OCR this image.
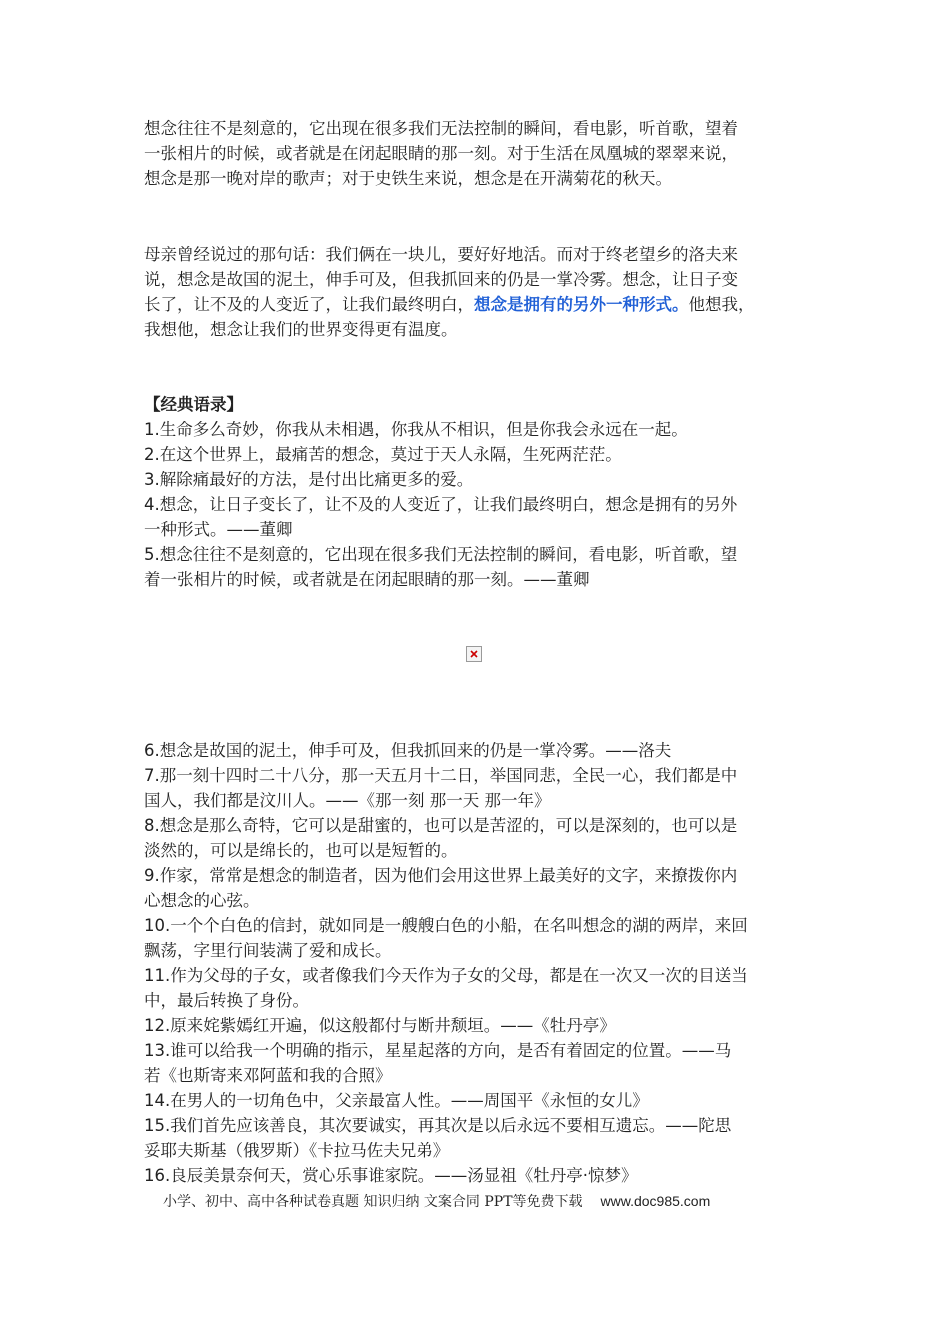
想念往往不是刻意的，它出现在很多我们无法控制的瞬间，看电影，听首歌，望着
一张相片的时候，或者就是在闭起眼睛的那一刻。对于生活在凤凰城的翠翠来说，
想念是那一晚对岸的歌声；对于史铁生来说，想念是在开满菊花的秋天。
母亲曾经说过的那句话：我们俩在一块儿，要好好地活。而对于终老望乡的洛夫来
说，想念是故国的泥土，伸手可及，但我抓回来的仍是一掌冷雾。想念，让日子变
长了，让不及的人变近了，让我们最终明白，想念是拥有的另外一种形式。他想我，
我想他，想念让我们的世界变得更有温度。
【经典语录】
1.生命多么奇妙，你我从未相遇，你我从不相识，但是你我会永远在一起。
2.在这个世界上，最痛苦的想念，莫过于天人永隔，生死两茫茫。
3.解除痛最好的方法，是付出比痛更多的爱。
4.想念，让日子变长了，让不及的人变近了，让我们最终明白，想念是拥有的另外
一种形式。——董卿
5.想念往往不是刻意的，它出现在很多我们无法控制的瞬间，看电影，听首歌，望
着一张相片的时候，或者就是在闭起眼睛的那一刻。——董卿
6.想念是故国的泥土，伸手可及，但我抓回来的仍是一掌冷雾。——洛夫
7.那一刻十四时二十八分，那一天五月十二日，举国同悲，全民一心，我们都是中
国人，我们都是汶川人。——《那一刻 那一天 那一年》
8.想念是那么奇特，它可以是甜蜜的，也可以是苦涩的，可以是深刻的，也可以是
淡然的，可以是绵长的，也可以是短暂的。
9.作家，常常是想念的制造者，因为他们会用这世界上最美好的文字，来撩拨你内
心想念的心弦。
10.一个个白色的信封，就如同是一艘艘白色的小船，在名叫想念的湖的两岸，来回
飘荡，字里行间装满了爱和成长。
11.作为父母的子女，或者像我们今天作为子女的父母，都是在一次又一次的目送当
中，最后转换了身份。
12.原来姹紫嫣红开遍，似这般都付与断井颓垣。——《牡丹亭》
13.谁可以给我一个明确的指示，星星起落的方向，是否有着固定的位置。——马
若《也斯寄来邓阿蓝和我的合照》
14.在男人的一切角色中，父亲最富人性。——周国平《永恒的女儿》
15.我们首先应该善良，其次要诚实，再其次是以后永远不要相互遗忘。——陀思
妥耶夫斯基（俄罗斯）《卡拉马佐夫兄弟》
16.良辰美景奈何天，赏心乐事谁家院。——汤显祖《牡丹亭·惊梦》
小学、初中、高中各种试卷真题 知识归纳 文案合同 PPT等免费下载 www.doc985.com
